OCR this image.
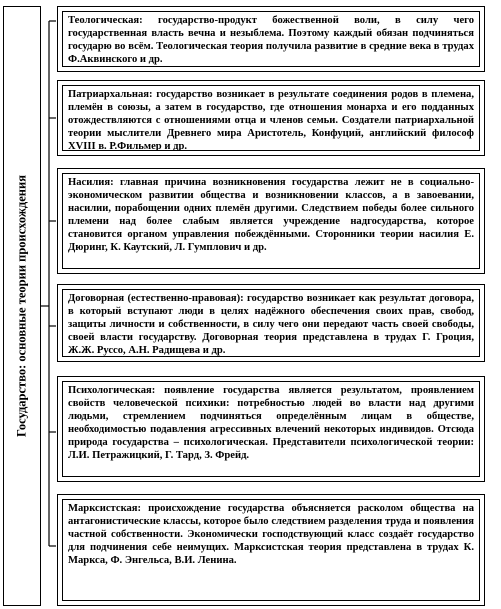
Государство: основные теории происхождения
Теологическая: государство-продукт божественной воли, в силу чего государственная власть вечна и незыблема. Поэтому каждый обязан подчиняться государю во всём. Теологическая теория получила развитие в средние века в трудах Ф.Аквинского и др.
Патриархальная: государство возникает в результате соединения родов в племена, племён в союзы, а затем в государство, где отношения монарха и его подданных отождествляются с отношениями отца и членов семьи. Создатели патриархальной теории мыслители Древнего мира Аристотель, Конфуций, английский философ XVIII в. Р.Фильмер и др.
Насилия: главная причина возникновения государства лежит не в социально-экономическом развитии общества и возникновении классов, а в завоевании, насилии, порабощении одних племён другими. Следствием победы более сильного племени над более слабым является учреждение надгосударства, которое становится органом управления побеждёнными. Сторонники теории насилия Е. Дюринг, К. Каутский, Л. Гумплович и др.
Договорная (естественно-правовая): государство возникает как результат договора, в который вступают люди в целях надёжного обеспечения своих прав, свобод, защиты личности и собственности, в силу чего они передают часть своей свободы, своей власти государству. Договорная теория представлена в трудах Г. Гроция, Ж.Ж. Руссо, А.Н. Радищева и др.
Психологическая: появление государства является результатом, проявлением свойств человеческой психики: потребностью людей во власти над другими людьми, стремлением подчиняться определённым лицам в обществе, необходимостью подавления агрессивных влечений некоторых индивидов. Отсюда природа государства – психологическая. Представители психологической теории: Л.И. Петражицкий, Г. Тард, З. Фрейд.
Марксистская: происхождение государства объясняется расколом общества на антагонистические классы, которое было следствием разделения труда и появления частной собственности. Экономически господствующий класс создаёт государство для подчинения себе неимущих. Марксистская теория представлена в трудах К. Маркса, Ф. Энгельса, В.И. Ленина.
